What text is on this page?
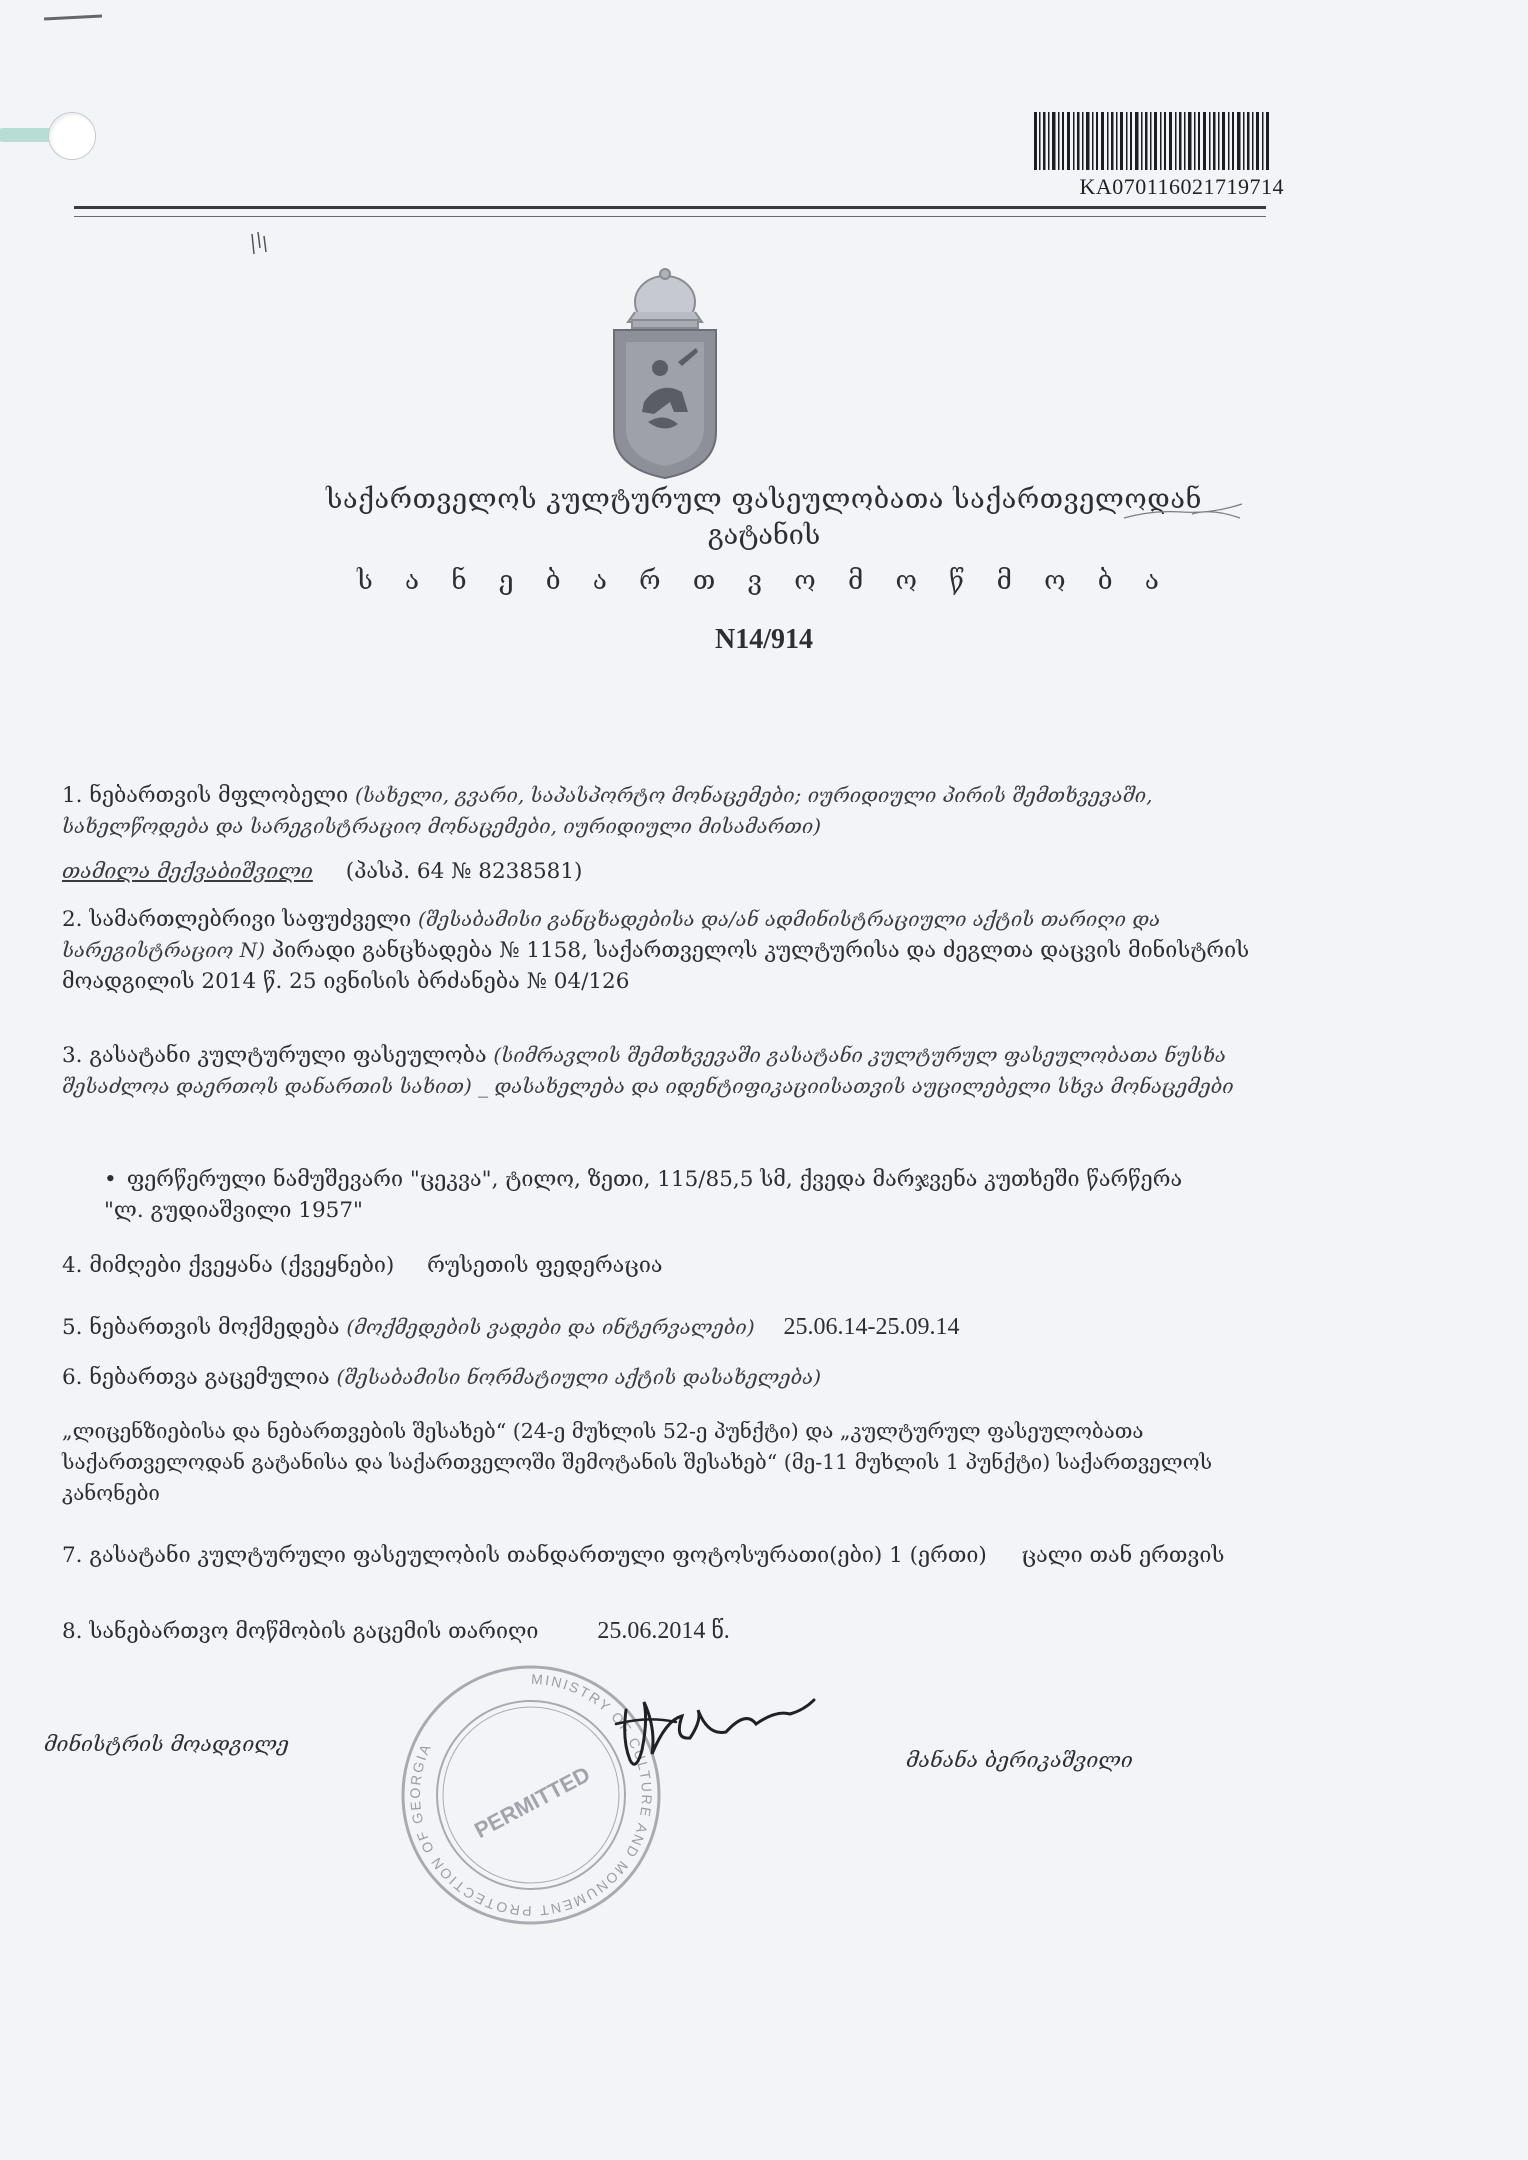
KA070116021719714
საქართველოს კულტურულ ფასეულობათა საქართველოდან
გატანის
ს ა ნ ე ბ ა რ თ ვ ო მ ო წ მ ო ბ ა
N14/914
1. ნებართვის მფლობელი (სახელი, გვარი, საპასპორტო მონაცემები; იურიდიული პირის შემთხვევაში, სახელწოდება და სარეგისტრაციო მონაცემები, იურიდიული მისამართი)
თამილა მექვაბიშვილი (პასპ. 64 № 8238581)
2. სამართლებრივი საფუძველი (შესაბამისი განცხადებისა და/ან ადმინისტრაციული აქტის თარიღი და სარეგისტრაციო N) პირადი განცხადება № 1158, საქართველოს კულტურისა და ძეგლთა დაცვის მინისტრის მოადგილის 2014 წ. 25 ივნისის ბრძანება № 04/126
3. გასატანი კულტურული ფასეულობა (სიმრავლის შემთხვევაში გასატანი კულტურულ ფასეულობათა ნუსხა შესაძლოა დაერთოს დანართის სახით) _ დასახელება და იდენტიფიკაციისათვის აუცილებელი სხვა მონაცემები
• ფერწერული ნამუშევარი "ცეკვა", ტილო, ზეთი, 115/85,5 სმ, ქვედა მარჯვენა კუთხეში წარწერა "ლ. გუდიაშვილი 1957"
4. მიმღები ქვეყანა (ქვეყნები) რუსეთის ფედერაცია
5. ნებართვის მოქმედება (მოქმედების ვადები და ინტერვალები) 25.06.14-25.09.14
6. ნებართვა გაცემულია (შესაბამისი ნორმატიული აქტის დასახელება)
„ლიცენზიებისა და ნებართვების შესახებ“ (24-ე მუხლის 52-ე პუნქტი) და „კულტურულ ფასეულობათა საქართველოდან გატანისა და საქართველოში შემოტანის შესახებ“ (მე-11 მუხლის 1 პუნქტი) საქართველოს კანონები
7. გასატანი კულტურული ფასეულობის თანდართული ფოტოსურათი(ები) 1 (ერთი) ცალი თან ერთვის
8. სანებართვო მოწმობის გაცემის თარიღი 25.06.2014 წ.
მინისტრის მოადგილე
მანანა ბერიკაშვილი
MINISTRY OF CULTURE AND MONUMENT PROTECTION OF GEORGIA
PERMITTED
